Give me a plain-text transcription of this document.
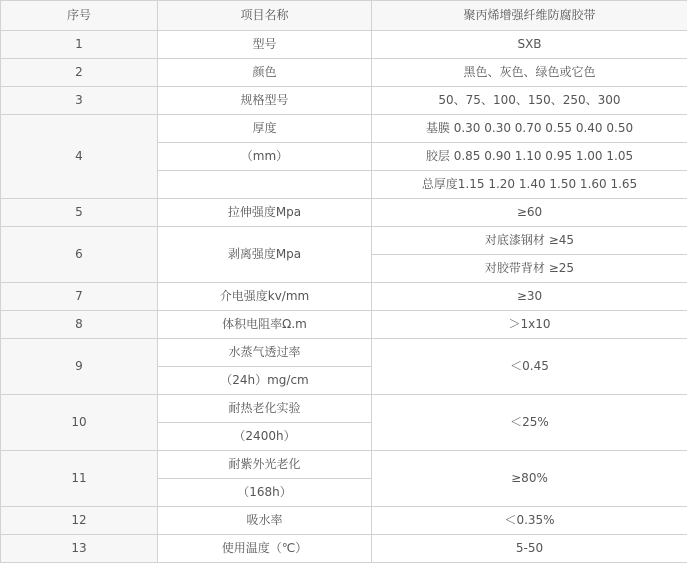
序号	项目名称	聚丙烯增强纤维防腐胶带
1	型号	SXB
2	颜色	黑色、灰色、绿色或它色
3	规格型号	50、75、100、150、250、300
4	厚度	基膜 0.30 0.30 0.70 0.55 0.40 0.50
	（mm）	胶层 0.85 0.90 1.10 0.95 1.00 1.05
		总厚度1.15 1.20 1.40 1.50 1.60 1.65
5	拉伸强度Mpa	≥60
6	剥离强度Mpa	对底漆钢材 ≥45
		对胶带背材 ≥25
7	介电强度kv/mm	≥30
8	体积电阻率Ω.m	＞1x10
9	水蒸气透过率	＜0.45
	（24h）mg/cm	
10	耐热老化实验	＜25%
	（2400h）	
11	耐紫外光老化	≥80%
	（168h）	
12	吸水率	＜0.35%
13	使用温度（℃）	5-50
